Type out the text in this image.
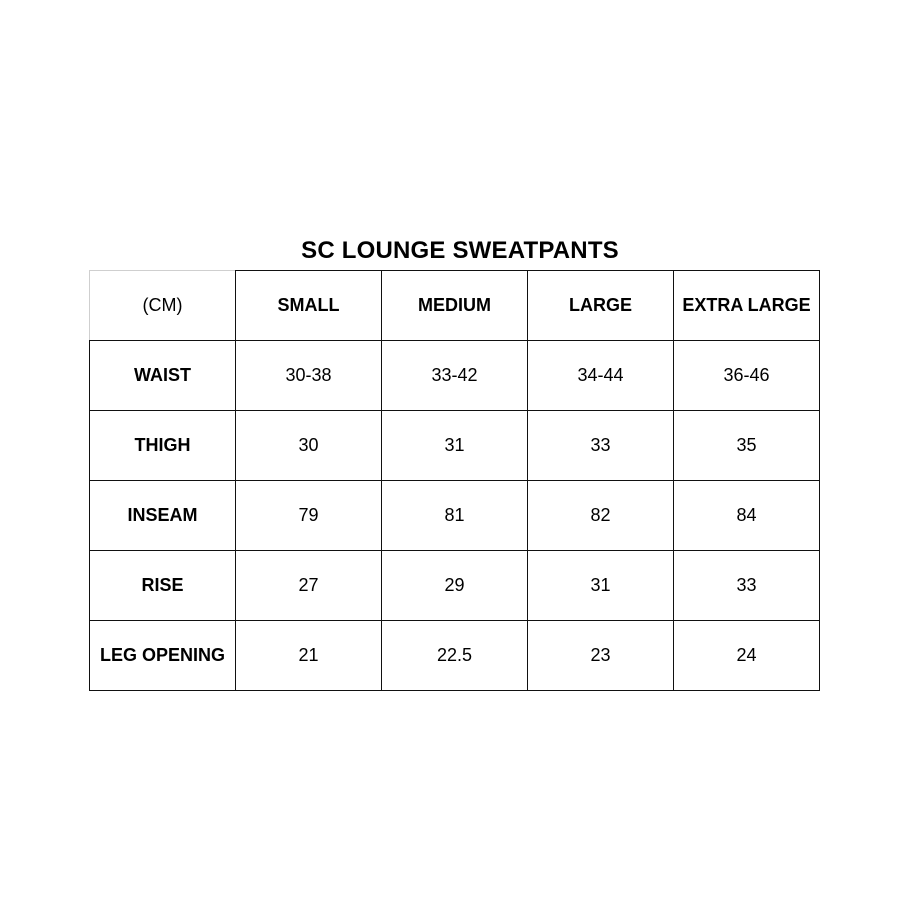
SC LOUNGE SWEATPANTS
(CM)	SMALL	MEDIUM	LARGE	EXTRA LARGE
WAIST	30-38	33-42	34-44	36-46
THIGH	30	31	33	35
INSEAM	79	81	82	84
RISE	27	29	31	33
LEG OPENING	21	22.5	23	24
